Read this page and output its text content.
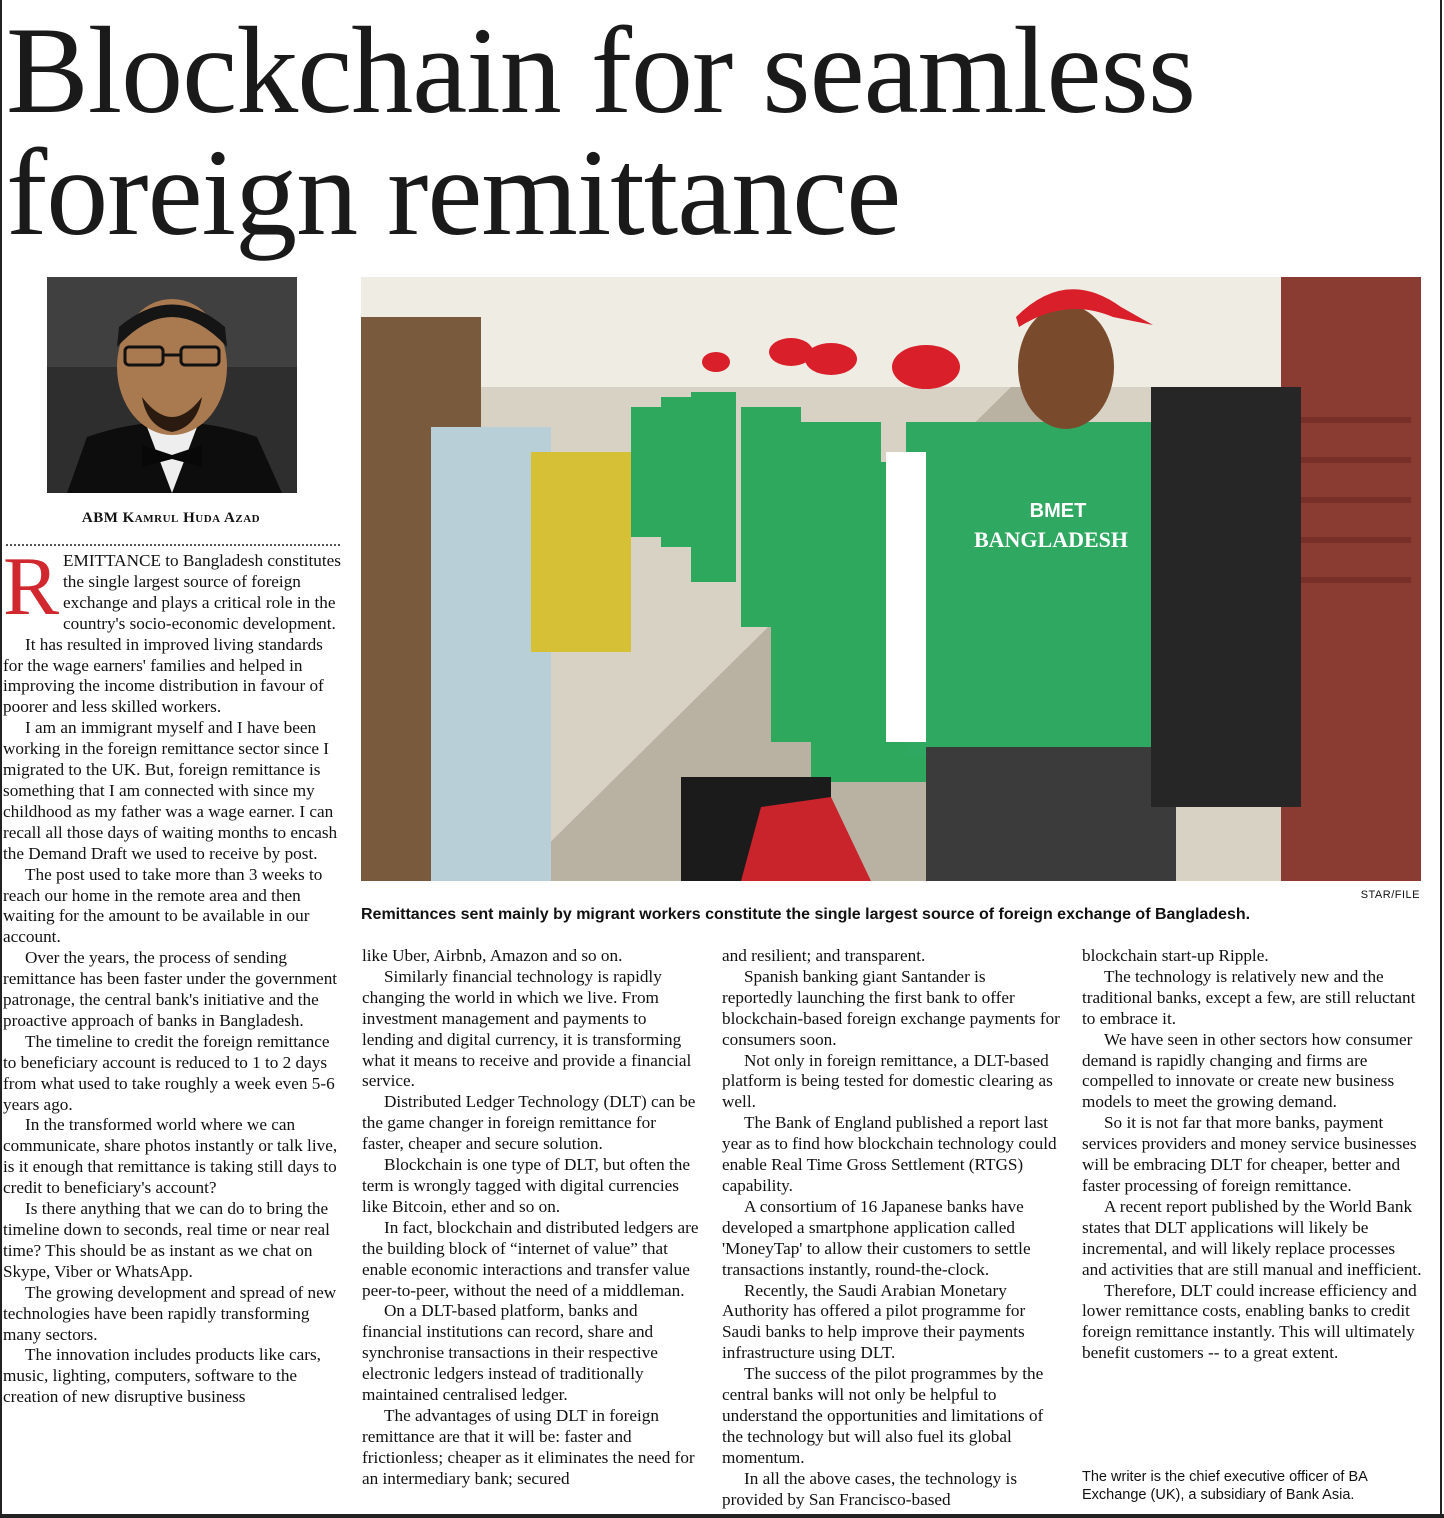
Blockchain for seamless foreign remittance
ABM Kamrul Huda Azad	BMET
BANGLADESH
STAR/FILE
Remittances sent mainly by migrant workers constitute the single largest source of foreign exchange of Bangladesh.
R EMITTANCE to Bangladesh constitutes the single largest source of foreign exchange and plays a critical role in the country's socio-economic development.

It has resulted in improved living standards for the wage earners' families and helped in improving the income distribution in favour of poorer and less skilled workers.

I am an immigrant myself and I have been working in the foreign remittance sector since I migrated to the UK. But, foreign remittance is something that I am connected with since my childhood as my father was a wage earner. I can recall all those days of waiting months to encash the Demand Draft we used to receive by post.

The post used to take more than 3 weeks to reach our home in the remote area and then waiting for the amount to be available in our account.

Over the years, the process of sending remittance has been faster under the government patronage, the central bank's initiative and the proactive approach of banks in Bangladesh.

The timeline to credit the foreign remittance to beneficiary account is reduced to 1 to 2 days from what used to take roughly a week even 5-6 years ago.

In the transformed world where we can communicate, share photos instantly or talk live, is it enough that remittance is taking still days to credit to beneficiary's account?

Is there anything that we can do to bring the timeline down to seconds, real time or near real time? This should be as instant as we chat on Skype, Viber or WhatsApp.

The growing development and spread of new technologies have been rapidly transforming many sectors.

The innovation includes products like cars, music, lighting, computers, software to the creation of new disruptive business

like Uber, Airbnb, Amazon and so on.

Similarly financial technology is rapidly changing the world in which we live. From investment management and payments to lending and digital currency, it is transforming what it means to receive and provide a financial service.

Distributed Ledger Technology (DLT) can be the game changer in foreign remittance for faster, cheaper and secure solution.

Blockchain is one type of DLT, but often the term is wrongly tagged with digital currencies like Bitcoin, ether and so on.

In fact, blockchain and distributed ledgers are the building block of “internet of value” that enable economic interactions and transfer value peer-to-peer, without the need of a middleman.

On a DLT-based platform, banks and financial institutions can record, share and synchronise transactions in their respective electronic ledgers instead of traditionally maintained centralised ledger.

The advantages of using DLT in foreign remittance are that it will be: faster and frictionless; cheaper as it eliminates the need for an intermediary bank; secured

and resilient; and transparent.

Spanish banking giant Santander is reportedly launching the first bank to offer blockchain-based foreign exchange payments for consumers soon.

Not only in foreign remittance, a DLT-based platform is being tested for domestic clearing as well.

The Bank of England published a report last year as to find how blockchain technology could enable Real Time Gross Settlement (RTGS) capability.

A consortium of 16 Japanese banks have developed a smartphone application called 'MoneyTap' to allow their customers to settle transactions instantly, round-the-clock.

Recently, the Saudi Arabian Monetary Authority has offered a pilot programme for Saudi banks to help improve their payments infrastructure using DLT.

The success of the pilot programmes by the central banks will not only be helpful to understand the opportunities and limitations of the technology but will also fuel its global momentum.

In all the above cases, the technology is provided by San Francisco-based

blockchain start-up Ripple.

The technology is relatively new and the traditional banks, except a few, are still reluctant to embrace it.

We have seen in other sectors how consumer demand is rapidly changing and firms are compelled to innovate or create new business models to meet the growing demand.

So it is not far that more banks, payment services providers and money service businesses will be embracing DLT for cheaper, better and faster processing of foreign remittance.

A recent report published by the World Bank states that DLT applications will likely be incremental, and will likely replace processes and activities that are still manual and inefficient.

Therefore, DLT could increase efficiency and lower remittance costs, enabling banks to credit foreign remittance instantly. This will ultimately benefit customers -- to a great extent.

The writer is the chief executive officer of BA Exchange (UK), a subsidiary of Bank Asia.
